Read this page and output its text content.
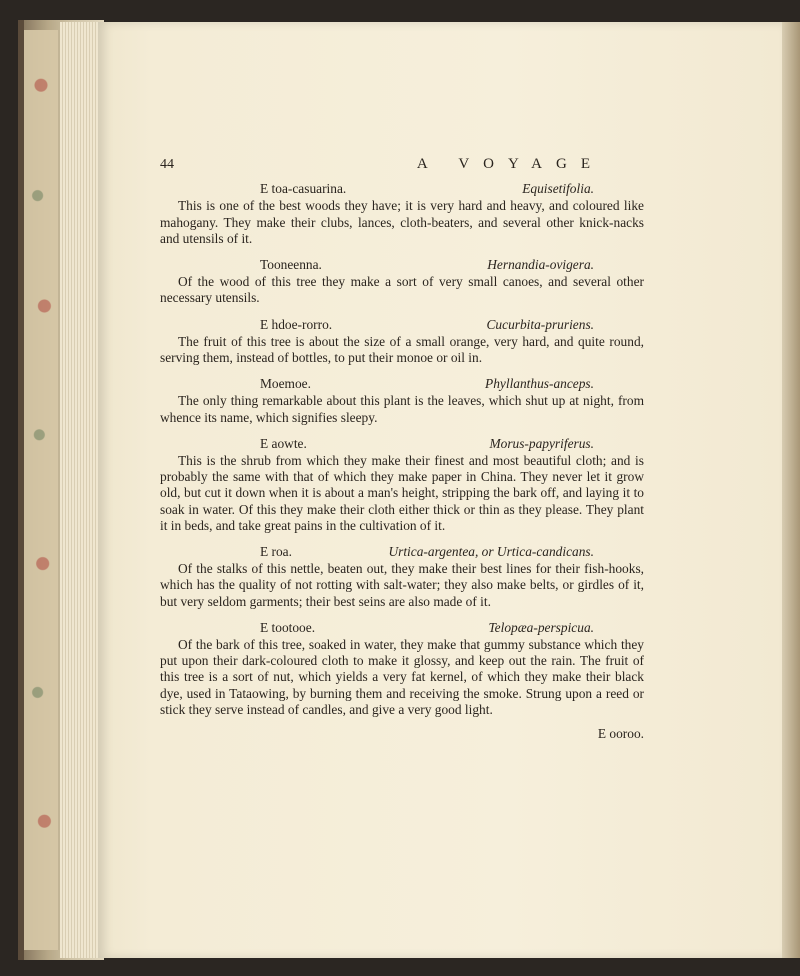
44	A VOYAGE
E toa-casuarina.	Equisetifolia.
This is one of the best woods they have; it is very hard and heavy, and coloured like mahogany. They make their clubs, lances, cloth-beaters, and several other knick-nacks and utensils of it.
Tooneenna.	Hernandia-ovigera.
Of the wood of this tree they make a sort of very small canoes, and several other necessary utensils.
E hdoe-rorro.	Cucurbita-pruriens.
The fruit of this tree is about the size of a small orange, very hard, and quite round, serving them, instead of bottles, to put their monoe or oil in.
Moemoe.	Phyllanthus-anceps.
The only thing remarkable about this plant is the leaves, which shut up at night, from whence its name, which signifies sleepy.
E aowte.	Morus-papyriferus.
This is the shrub from which they make their finest and most beautiful cloth; and is probably the same with that of which they make paper in China. They never let it grow old, but cut it down when it is about a man's height, stripping the bark off, and laying it to soak in water. Of this they make their cloth either thick or thin as they please. They plant it in beds, and take great pains in the cultivation of it.
E roa.	Urtica-argentea, or Urtica-candicans.
Of the stalks of this nettle, beaten out, they make their best lines for their fish-hooks, which has the quality of not rotting with salt-water; they also make belts, or girdles of it, but very seldom garments; their best seins are also made of it.
E tootooe.	Telopæa-perspicua.
Of the bark of this tree, soaked in water, they make that gummy substance which they put upon their dark-coloured cloth to make it glossy, and keep out the rain. The fruit of this tree is a sort of nut, which yields a very fat kernel, of which they make their black dye, used in Tataowing, by burning them and receiving the smoke. Strung upon a reed or stick they serve instead of candles, and give a very good light.
E ooroo.
